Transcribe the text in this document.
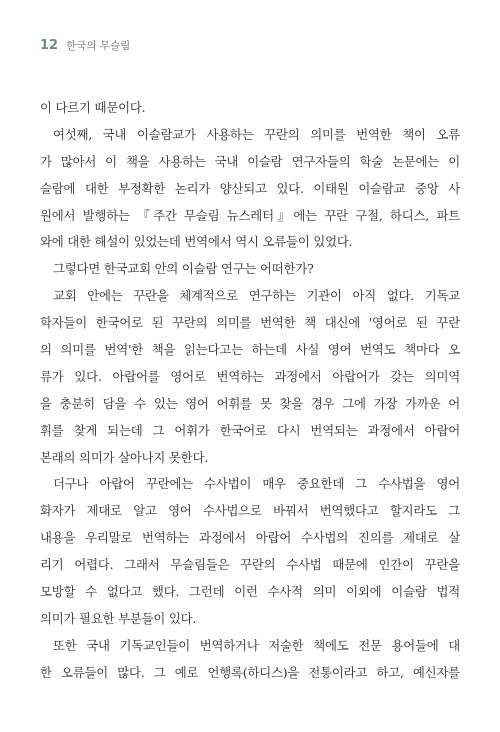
12 한국의 무슬림
이 다르기 때문이다.
여섯째, 국내 이슬람교가 사용하는 꾸란의 의미를 번역한 책이 오류
가 많아서 이 책을 사용하는 국내 이슬람 연구자들의 학술 논문에는 이
슬람에 대한 부정확한 논리가 양산되고 있다. 이태원 이슬람교 중앙 사
원에서 발행하는 『주간 무슬림 뉴스레터』에는 꾸란 구절, 하디스, 파트
와에 대한 해설이 있었는데 번역에서 역시 오류들이 있었다.
그렇다면 한국교회 안의 이슬람 연구는 어떠한가?
교회 안에는 꾸란을 체계적으로 연구하는 기관이 아직 없다. 기독교
학자들이 한국어로 된 꾸란의 의미를 번역한 책 대신에 '영어로 된 꾸란
의 의미를 번역'한 책을 읽는다고는 하는데 사실 영어 번역도 책마다 오
류가 있다. 아랍어를 영어로 번역하는 과정에서 아랍어가 갖는 의미역
을 충분히 담을 수 있는 영어 어휘를 못 찾을 경우 그에 가장 가까운 어
휘를 찾게 되는데 그 어휘가 한국어로 다시 번역되는 과정에서 아랍어
본래의 의미가 살아나지 못한다.
더구나 아랍어 꾸란에는 수사법이 매우 중요한데 그 수사법을 영어
화자가 제대로 알고 영어 수사법으로 바꿔서 번역했다고 할지라도 그
내용을 우리말로 번역하는 과정에서 아랍어 수사법의 진의를 제대로 살
리기 어렵다. 그래서 무슬림들은 꾸란의 수사법 때문에 인간이 꾸란을
모방할 수 없다고 했다. 그런데 이런 수사적 의미 이외에 이슬람 법적
의미가 필요한 부분들이 있다.
또한 국내 기독교인들이 번역하거나 저술한 책에도 전문 용어들에 대
한 오류들이 많다. 그 예로 언행록(하디스)을 전통이라고 하고, 예신자를
